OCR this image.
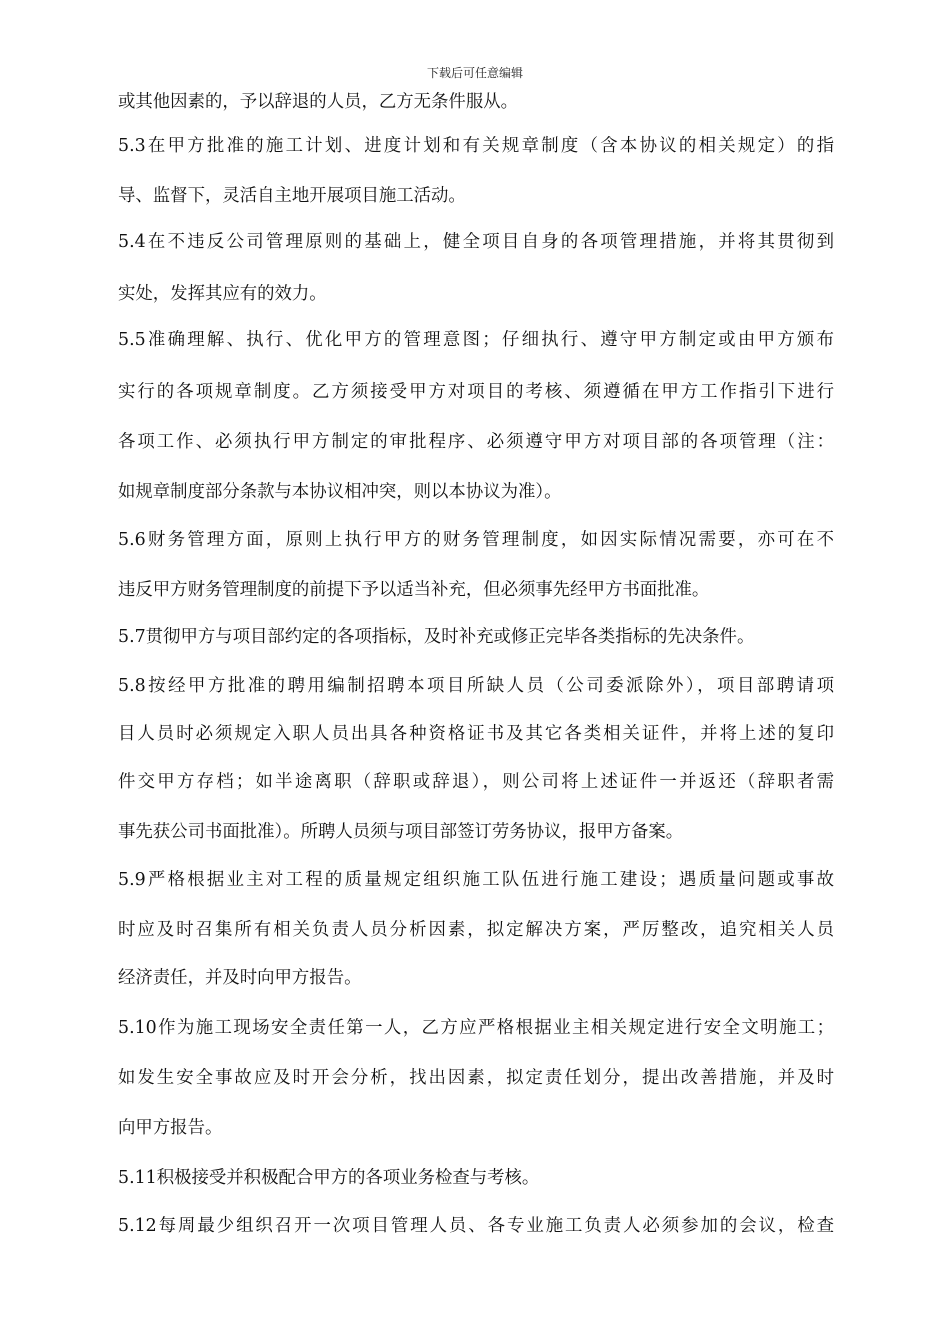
下载后可任意编辑
或其他因素的，予以辞退的人员，乙方无条件服从。
5.3在甲方批准的施工计划、进度计划和有关规章制度（含本协议的相关规定）的指
导、监督下，灵活自主地开展项目施工活动。
5.4在不违反公司管理原则的基础上，健全项目自身的各项管理措施，并将其贯彻到
实处，发挥其应有的效力。
5.5准确理解、执行、优化甲方的管理意图；仔细执行、遵守甲方制定或由甲方颁布
实行的各项规章制度。乙方须接受甲方对项目的考核、须遵循在甲方工作指引下进行
各项工作、必须执行甲方制定的审批程序、必须遵守甲方对项目部的各项管理（注：
如规章制度部分条款与本协议相冲突，则以本协议为准）。
5.6财务管理方面，原则上执行甲方的财务管理制度，如因实际情况需要，亦可在不
违反甲方财务管理制度的前提下予以适当补充，但必须事先经甲方书面批准。
5.7贯彻甲方与项目部约定的各项指标，及时补充或修正完毕各类指标的先决条件。
5.8按经甲方批准的聘用编制招聘本项目所缺人员（公司委派除外），项目部聘请项
目人员时必须规定入职人员出具各种资格证书及其它各类相关证件，并将上述的复印
件交甲方存档；如半途离职（辞职或辞退），则公司将上述证件一并返还（辞职者需
事先获公司书面批准）。所聘人员须与项目部签订劳务协议，报甲方备案。
5.9严格根据业主对工程的质量规定组织施工队伍进行施工建设；遇质量问题或事故
时应及时召集所有相关负责人员分析因素，拟定解决方案，严厉整改，追究相关人员
经济责任，并及时向甲方报告。
5.10作为施工现场安全责任第一人，乙方应严格根据业主相关规定进行安全文明施工；
如发生安全事故应及时开会分析，找出因素，拟定责任划分，提出改善措施，并及时
向甲方报告。
5.11积极接受并积极配合甲方的各项业务检查与考核。
5.12每周最少组织召开一次项目管理人员、各专业施工负责人必须参加的会议，检查
